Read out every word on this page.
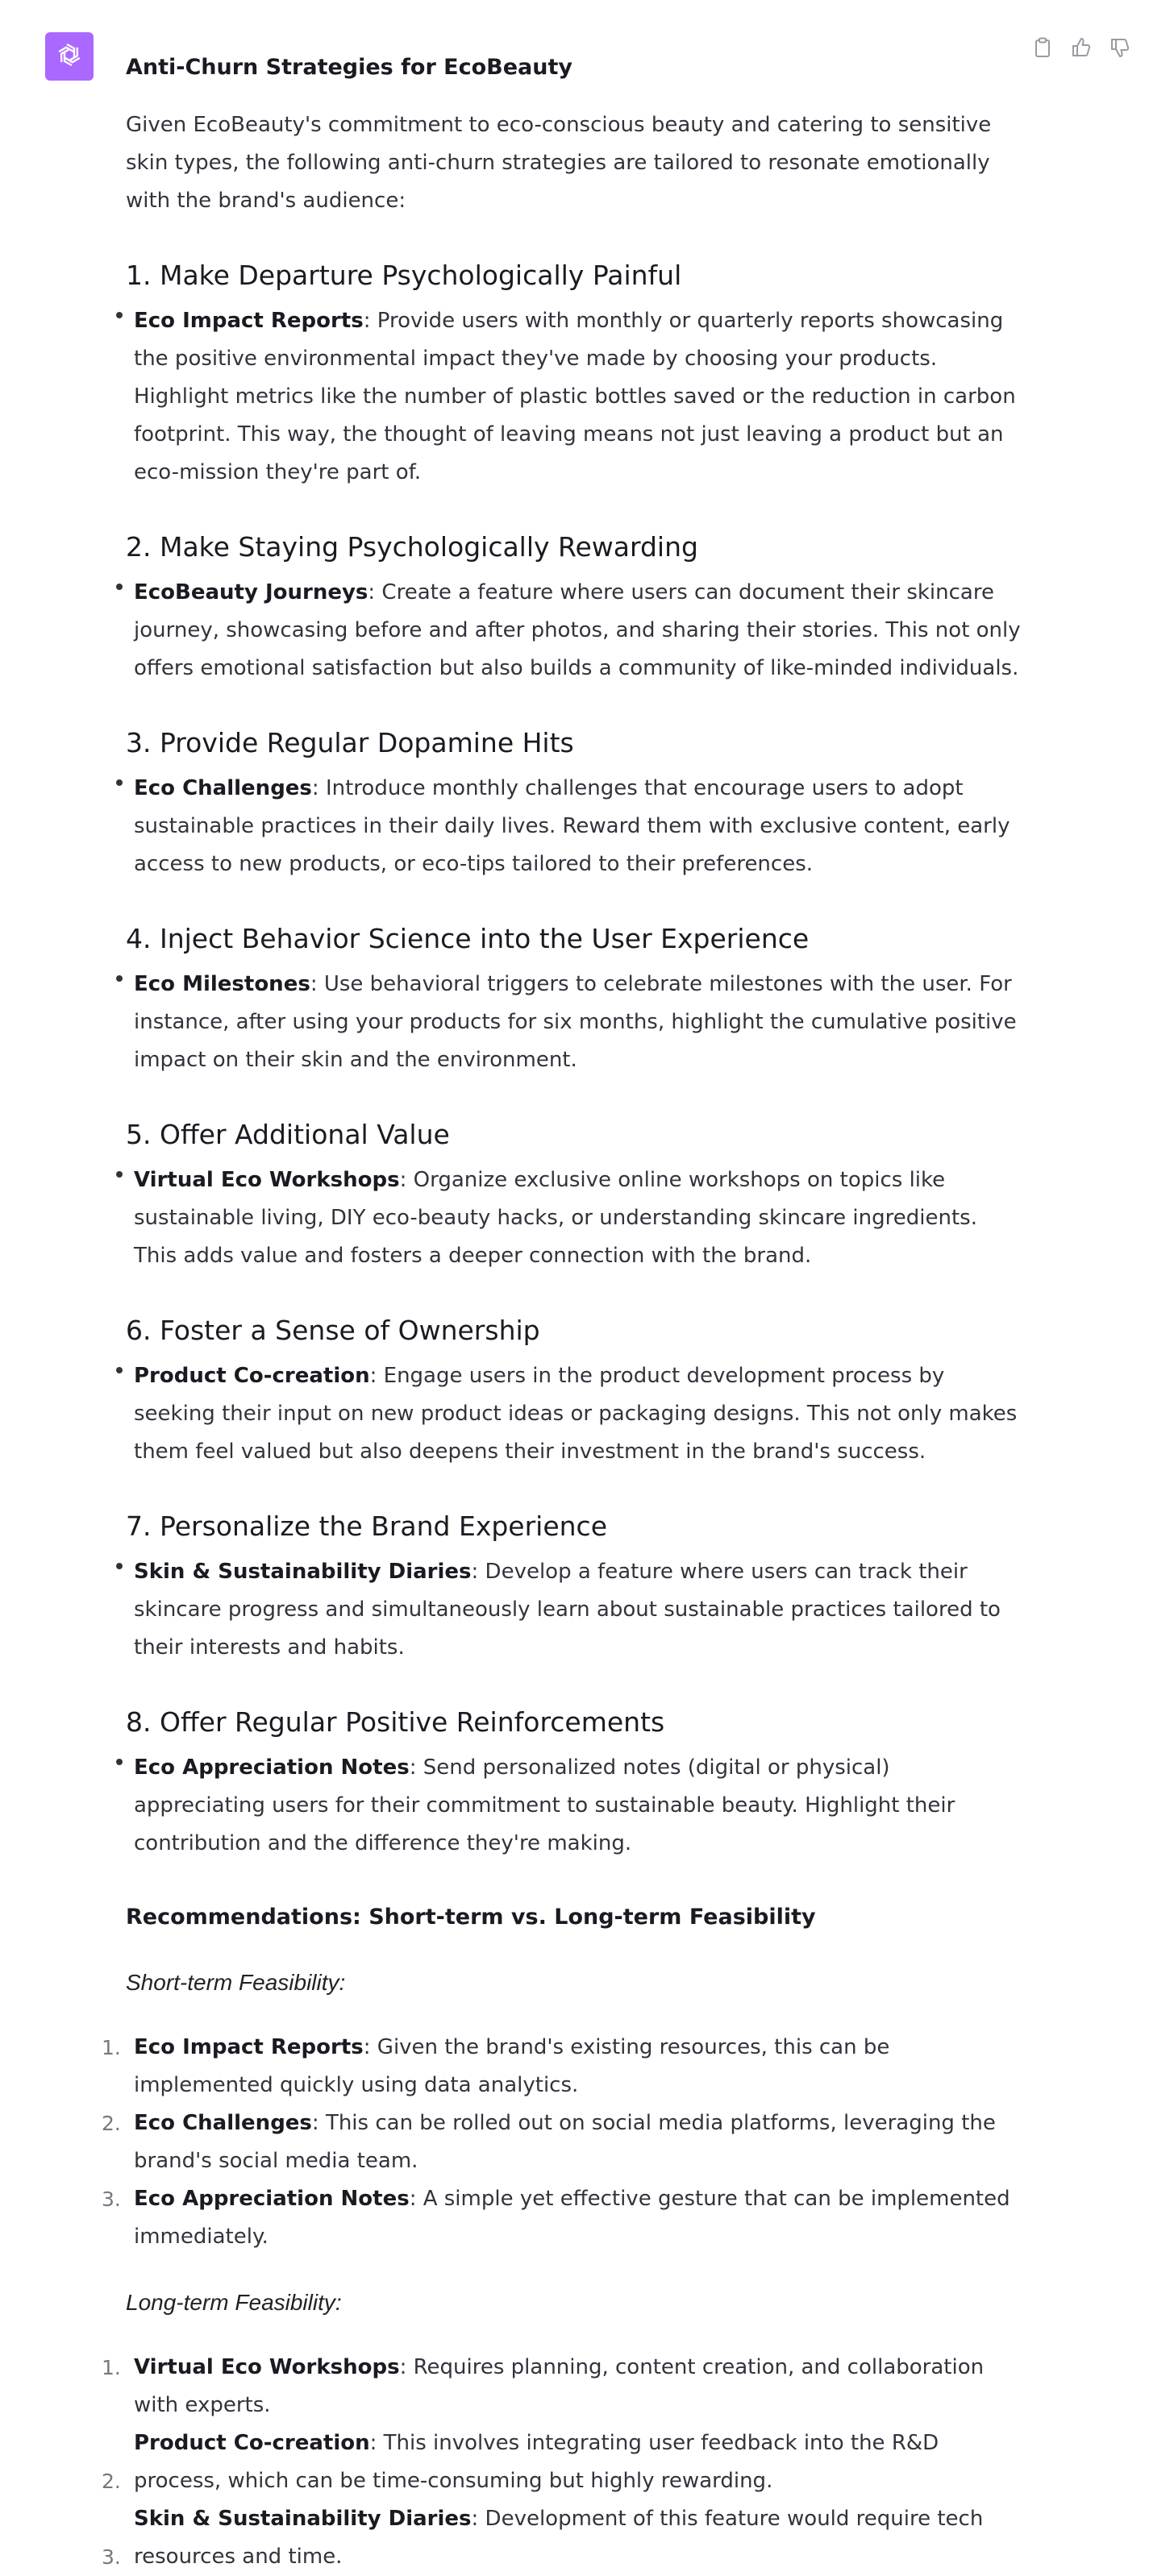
Anti-Churn Strategies for EcoBeauty

Given EcoBeauty's commitment to eco-conscious beauty and catering to sensitive skin types, the following anti-churn strategies are tailored to resonate emotionally with the brand's audience:

1. Make Departure Psychologically Painful
Eco Impact Reports: Provide users with monthly or quarterly reports showcasing the positive environmental impact they've made by choosing your products. Highlight metrics like the number of plastic bottles saved or the reduction in carbon footprint. This way, the thought of leaving means not just leaving a product but an eco-mission they're part of.
2. Make Staying Psychologically Rewarding
EcoBeauty Journeys: Create a feature where users can document their skincare journey, showcasing before and after photos, and sharing their stories. This not only offers emotional satisfaction but also builds a community of like-minded individuals.
3. Provide Regular Dopamine Hits
Eco Challenges: Introduce monthly challenges that encourage users to adopt sustainable practices in their daily lives. Reward them with exclusive content, early access to new products, or eco-tips tailored to their preferences.
4. Inject Behavior Science into the User Experience
Eco Milestones: Use behavioral triggers to celebrate milestones with the user. For instance, after using your products for six months, highlight the cumulative positive impact on their skin and the environment.
5. Offer Additional Value
Virtual Eco Workshops: Organize exclusive online workshops on topics like sustainable living, DIY eco-beauty hacks, or understanding skincare ingredients. This adds value and fosters a deeper connection with the brand.
6. Foster a Sense of Ownership
Product Co-creation: Engage users in the product development process by seeking their input on new product ideas or packaging designs. This not only makes them feel valued but also deepens their investment in the brand's success.
7. Personalize the Brand Experience
Skin & Sustainability Diaries: Develop a feature where users can track their skincare progress and simultaneously learn about sustainable practices tailored to their interests and habits.
8. Offer Regular Positive Reinforcements
Eco Appreciation Notes: Send personalized notes (digital or physical) appreciating users for their commitment to sustainable beauty. Highlight their contribution and the difference they're making.
Recommendations: Short-term vs. Long-term Feasibility

Short-term Feasibility:

1. Eco Impact Reports: Given the brand's existing resources, this can be implemented quickly using data analytics.
2. Eco Challenges: This can be rolled out on social media platforms, leveraging the brand's social media team.
3. Eco Appreciation Notes: A simple yet effective gesture that can be implemented immediately.

Long-term Feasibility:

1. Virtual Eco Workshops: Requires planning, content creation, and collaboration with experts.
2.
Product Co-creation: This involves integrating user feedback into the R&D process, which can be time-consuming but highly rewarding.
3.
Skin & Sustainability Diaries: Development of this feature would require tech resources and time.
